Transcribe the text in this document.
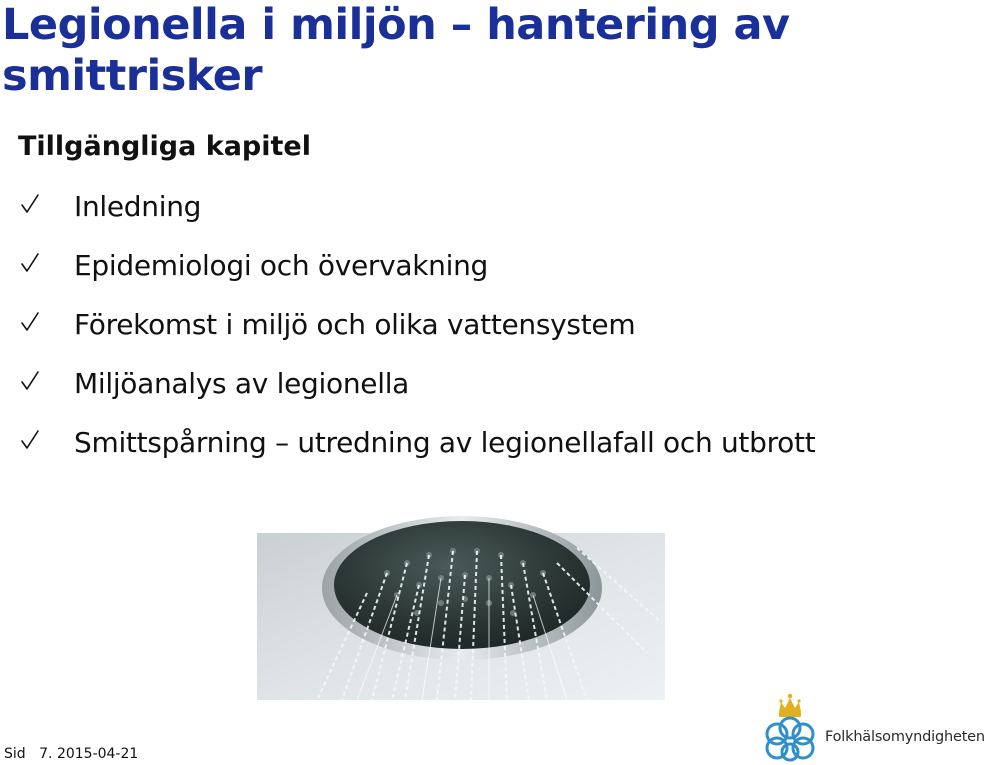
Legionella i miljön – hantering av smittrisker
Tillgängliga kapitel
Inledning
Epidemiologi och övervakning
Förekomst i miljö och olika vattensystem
Miljöanalys av legionella
Smittspårning – utredning av legionellafall och utbrott
Sid 7. 2015-04-21
Folkhälsomyndigheten
